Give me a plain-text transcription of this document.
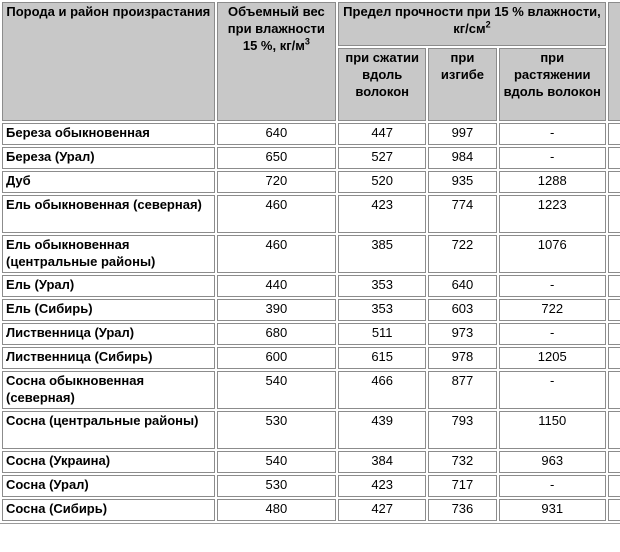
Порода и район произрастания	Объемный вес при влажности 15 %, $кг/м^3$	Предел прочности при 15 % влажности, $кг/см^2$	
		при сжатии вдоль волокон	при изгибе	при растяжении вдоль волокон	
Береза обыкновенная	640	447	997	-	
Береза (Урал)	650	527	984	-	
Дуб	720	520	935	1288	
Ель обыкновенная (северная)	460	423	774	1223	
Ель обыкновенная (центральные районы)	460	385	722	1076	
Ель (Урал)	440	353	640	-	
Ель (Сибирь)	390	353	603	722	
Лиственница (Урал)	680	511	973	-	
Лиственница (Сибирь)	600	615	978	1205	
Сосна обыкновенная (северная)	540	466	877	-	
Сосна (центральные районы)	530	439	793	1150	
Сосна (Украина)	540	384	732	963	
Сосна (Урал)	530	423	717	-	
Сосна (Сибирь)	480	427	736	931	
